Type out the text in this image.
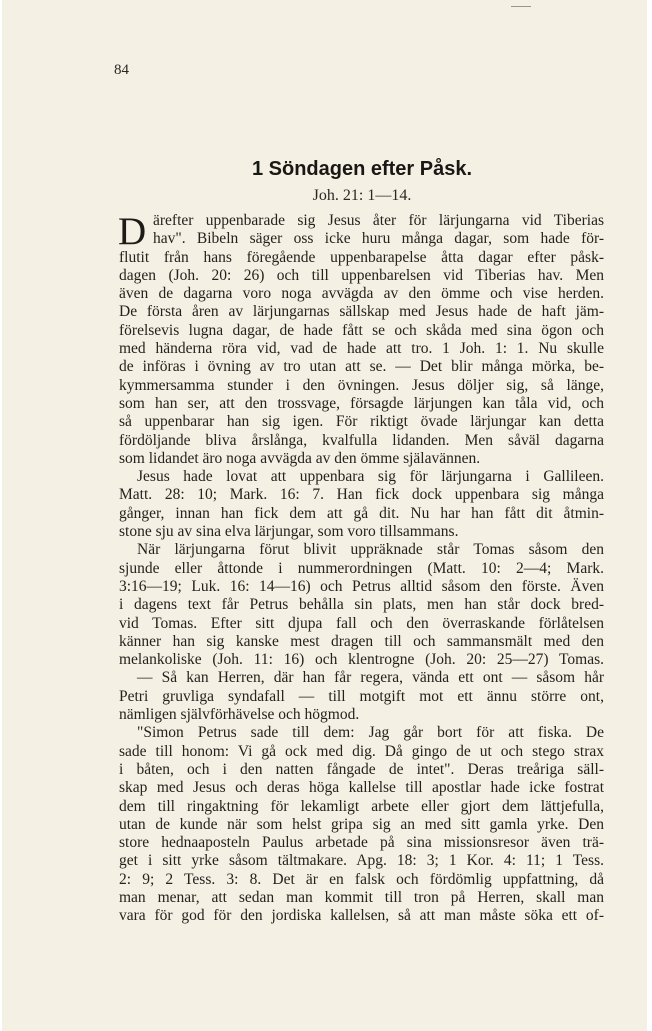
84

1 Söndagen efter Påsk.

Joh. 21: 1—14.

D ärefter uppenbarade sig Jesus åter för lärjungarna vid Tiberias
hav". Bibeln säger oss icke huru många dagar, som hade för-
flutit från hans föregående uppenbarарelse åtta dagar efter påsk-
dagen (Joh. 20: 26) och till uppenbarelsen vid Tiberias hav. Men
även de dagarna voro noga avvägda av den ömme och vise herden.
De första åren av lärjungarnas sällskap med Jesus hade de haft jäm-
förelsevis lugna dagar, de hade fått se och skåda med sina ögon och
med händerna röra vid, vad de hade att tro. 1 Joh. 1: 1. Nu skulle
de införas i övning av tro utan att se. — Det blir många mörka, be-
kymmersamma stunder i den övningen. Jesus döljer sig, så länge,
som han ser, att den trossvage, försagde lärjungen kan tåla vid, och
så uppenbarar han sig igen. För riktigt övade lärjungar kan detta
fördöljande bliva årslånga, kvalfulla lidanden. Men såväl dagarna
som lidandet äro noga avvägda av den ömme själavännen.
Jesus hade lovat att uppenbara sig för lärjungarna i Gallileen.
Matt. 28: 10; Mark. 16: 7. Han fick dock uppenbara sig många
gånger, innan han fick dem att gå dit. Nu har han fått dit åtmin-
stone sju av sina elva lärjungar, som voro tillsammans.
När lärjungarna förut blivit uppräknade står Tomas såsom den
sjunde eller åttonde i nummerordningen (Matt. 10: 2—4; Mark.
3:16—19; Luk. 16: 14—16) och Petrus alltid såsom den förste. Även
i dagens text får Petrus behålla sin plats, men han står dock bred-
vid Tomas. Efter sitt djupa fall och den överraskande förlåtelsen
känner han sig kanske mest dragen till och sammansmält med den
melankoliske (Joh. 11: 16) och klentrogne (Joh. 20: 25—27) Tomas.
— Så kan Herren, där han får regera, vända ett ont — såsom hår
Petri gruvliga syndafall — till motgift mot ett ännu större ont,
nämligen självförhävelse och högmod.
"Simon Petrus sade till dem: Jag går bort för att fiska. De
sade till honom: Vi gå ock med dig. Då gingo de ut och stego strax
i båten, och i den natten fångade de intet". Deras treåriga säll-
skap med Jesus och deras höga kallelse till apostlar hade icke fostrat
dem till ringaktning för lekamligt arbete eller gjort dem lättjefulla,
utan de kunde när som helst gripa sig an med sitt gamla yrke. Den
store hednaaposteln Paulus arbetade på sina missionsresor även trä-
get i sitt yrke såsom tältmakare. Apg. 18: 3; 1 Kor. 4: 11; 1 Tess.
2: 9; 2 Tess. 3: 8. Det är en falsk och fördömlig uppfattning, då
man menar, att sedan man kommit till tron på Herren, skall man
vara för god för den jordiska kallelsen, så att man måste söka ett of-
